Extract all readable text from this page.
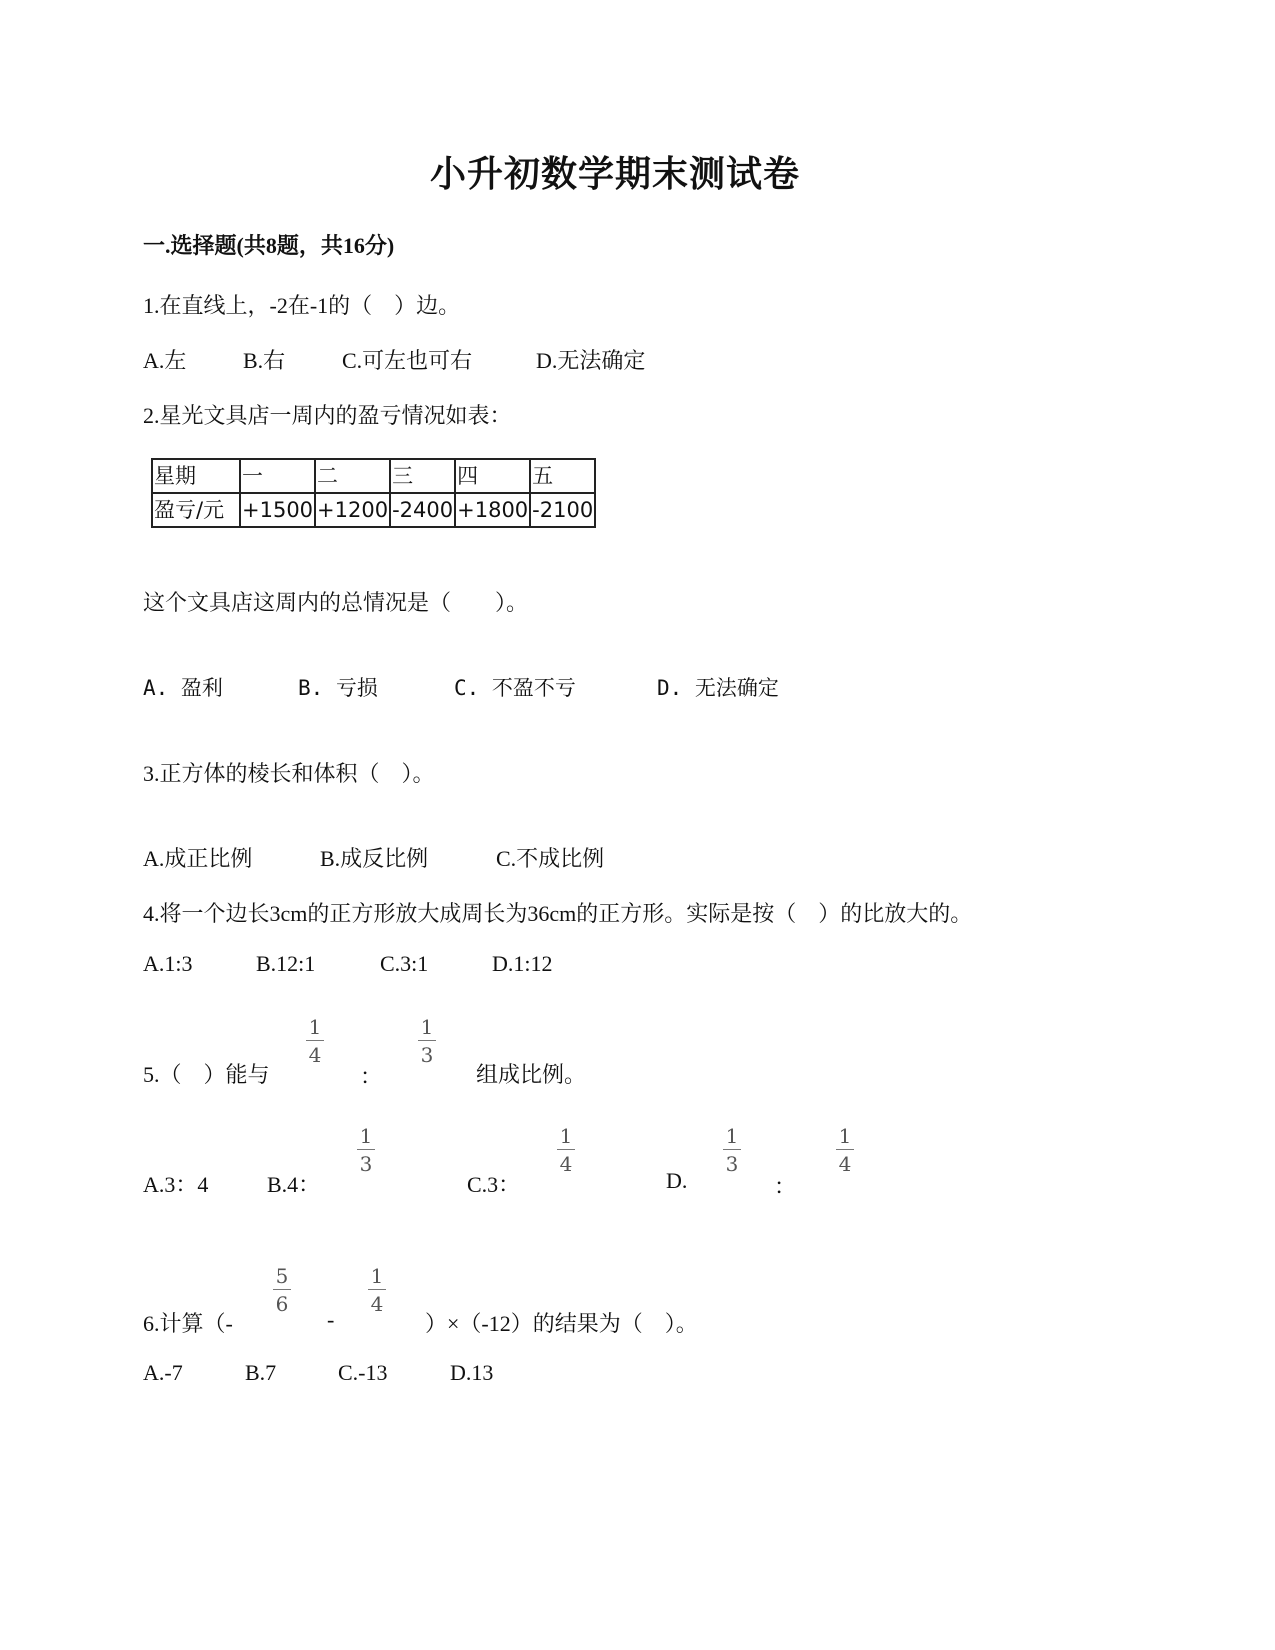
小升初数学期末测试卷
一.选择题(共8题，共16分)
1.在直线上，-2在-1的（　）边。
A.左	B.右	C.可左也可右	D.无法确定
2.星光文具店一周内的盈亏情况如表：
星期	一	二	三	四	五
盈亏/元	+1500	+1200	-2400	+1800	-2100
这个文具店这周内的总情况是（　　）。
A. 盈利	B. 亏损	C. 不盈不亏	D. 无法确定
3.正方体的棱长和体积（　）。
A.成正比例	B.成反比例	C.不成比例
4.将一个边长3cm的正方形放大成周长为36cm的正方形。实际是按（　）的比放大的。
A.1:3	B.12:1	C.3:1	D.1:12
5.（　）能与
1
4
：
1
3
组成比例。
A.3：4	B.4：
1
3
C.3：
1
4
D.
1
3
：
1
4
6.计算（-
5
6
-
1
4
）×（-12）的结果为（　）。
A.-7	B.7	C.-13	D.13
